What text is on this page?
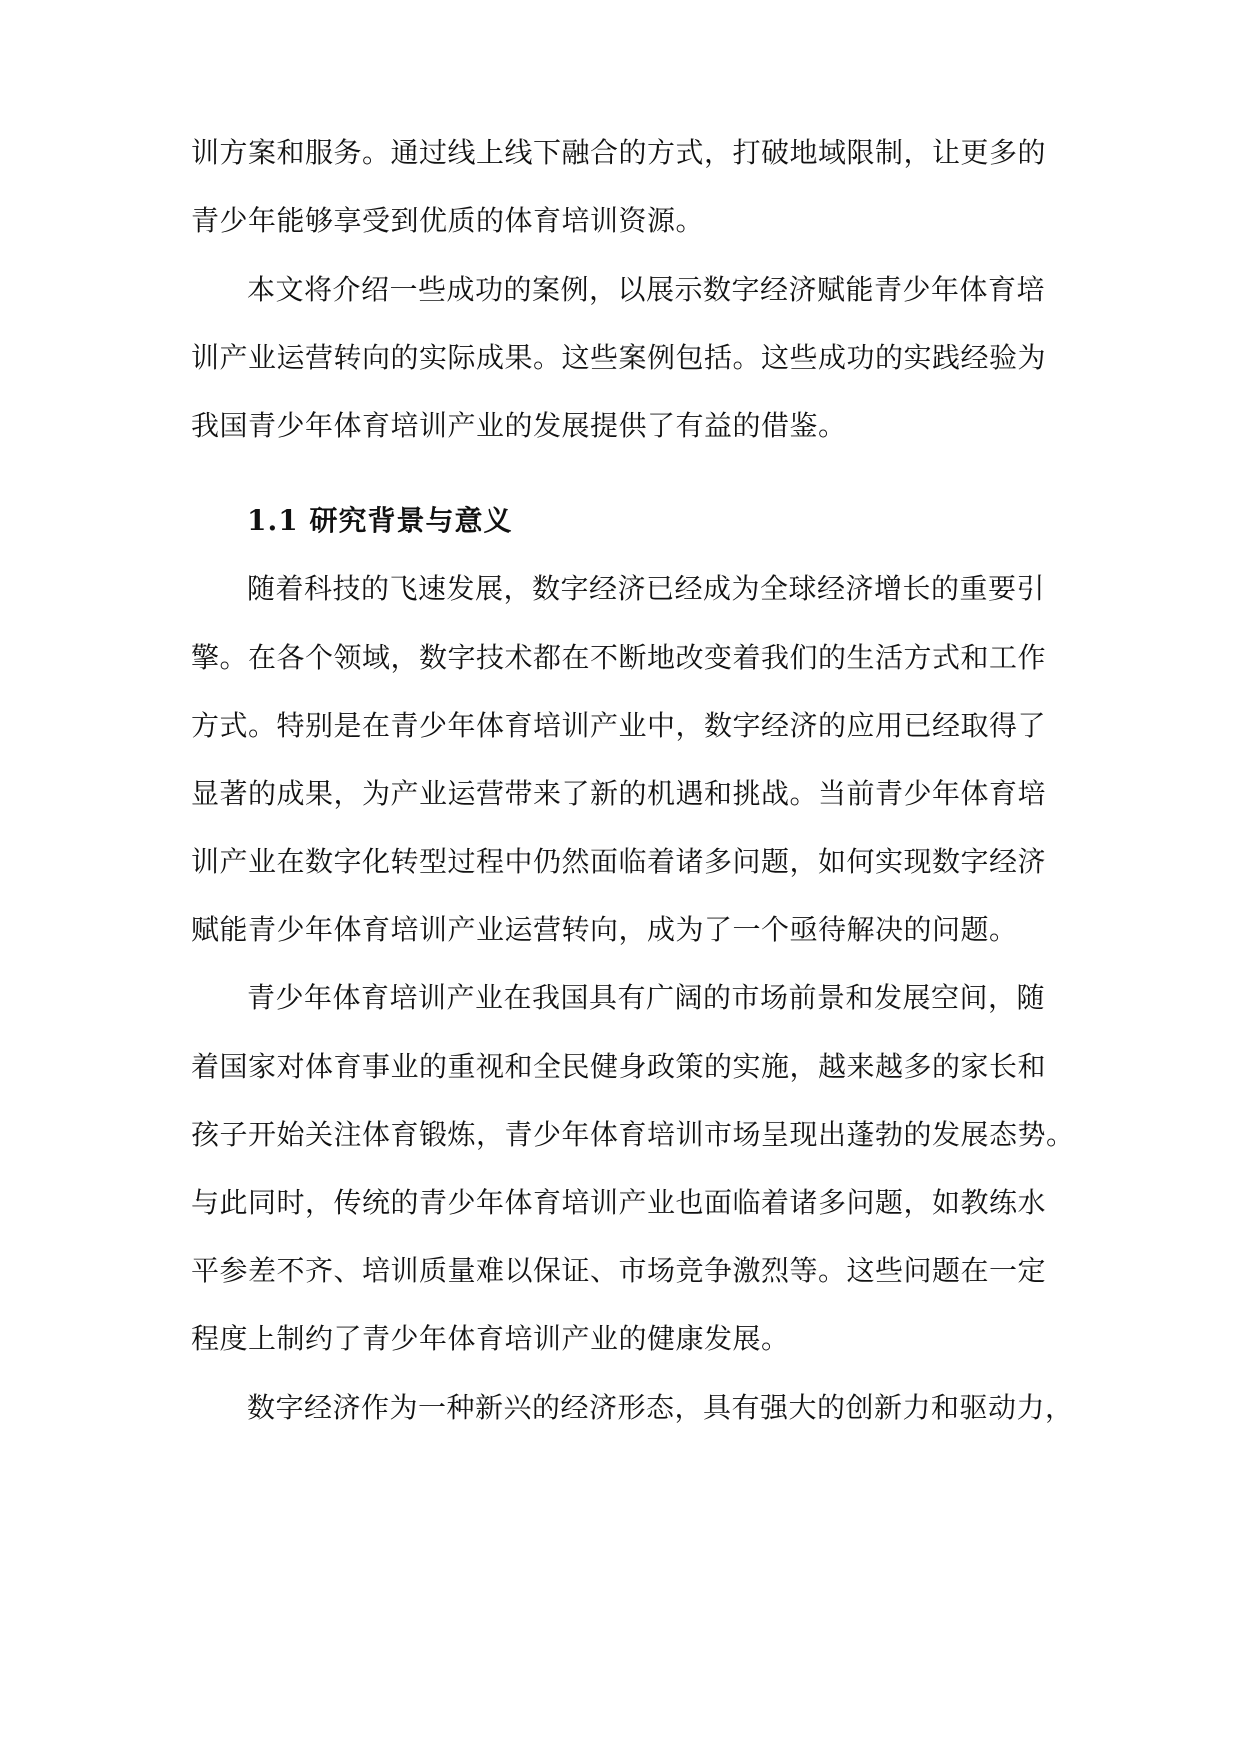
训方案和服务。通过线上线下融合的方式，打破地域限制，让更多的
青少年能够享受到优质的体育培训资源。
本文将介绍一些成功的案例，以展示数字经济赋能青少年体育培
训产业运营转向的实际成果。这些案例包括。这些成功的实践经验为
我国青少年体育培训产业的发展提供了有益的借鉴。
1.1 研究背景与意义
随着科技的飞速发展，数字经济已经成为全球经济增长的重要引
擎。在各个领域，数字技术都在不断地改变着我们的生活方式和工作
方式。特别是在青少年体育培训产业中，数字经济的应用已经取得了
显著的成果，为产业运营带来了新的机遇和挑战。当前青少年体育培
训产业在数字化转型过程中仍然面临着诸多问题，如何实现数字经济
赋能青少年体育培训产业运营转向，成为了一个亟待解决的问题。
青少年体育培训产业在我国具有广阔的市场前景和发展空间，随
着国家对体育事业的重视和全民健身政策的实施，越来越多的家长和
孩子开始关注体育锻炼，青少年体育培训市场呈现出蓬勃的发展态势。
与此同时，传统的青少年体育培训产业也面临着诸多问题，如教练水
平参差不齐、培训质量难以保证、市场竞争激烈等。这些问题在一定
程度上制约了青少年体育培训产业的健康发展。
数字经济作为一种新兴的经济形态，具有强大的创新力和驱动力，
